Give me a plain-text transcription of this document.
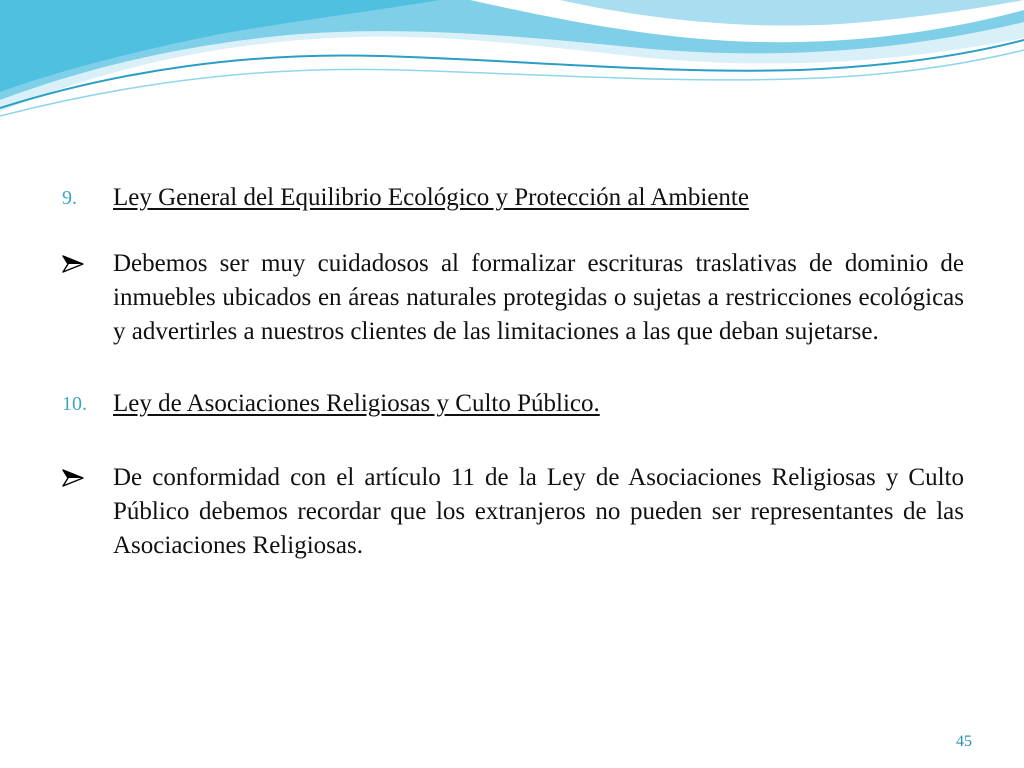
9.	Ley General del Equilibrio Ecológico y Protección al Ambiente
Debemos ser muy cuidadosos al formalizar escrituras traslativas de dominio de inmuebles ubicados en áreas naturales protegidas o sujetas a restricciones ecológicas y advertirles a nuestros clientes de las limitaciones a las que deban sujetarse.
10.	Ley de Asociaciones Religiosas y Culto Público.
De conformidad con el artículo 11 de la Ley de Asociaciones Religiosas y Culto Público debemos recordar que los extranjeros no pueden ser representantes de las Asociaciones Religiosas.
45
